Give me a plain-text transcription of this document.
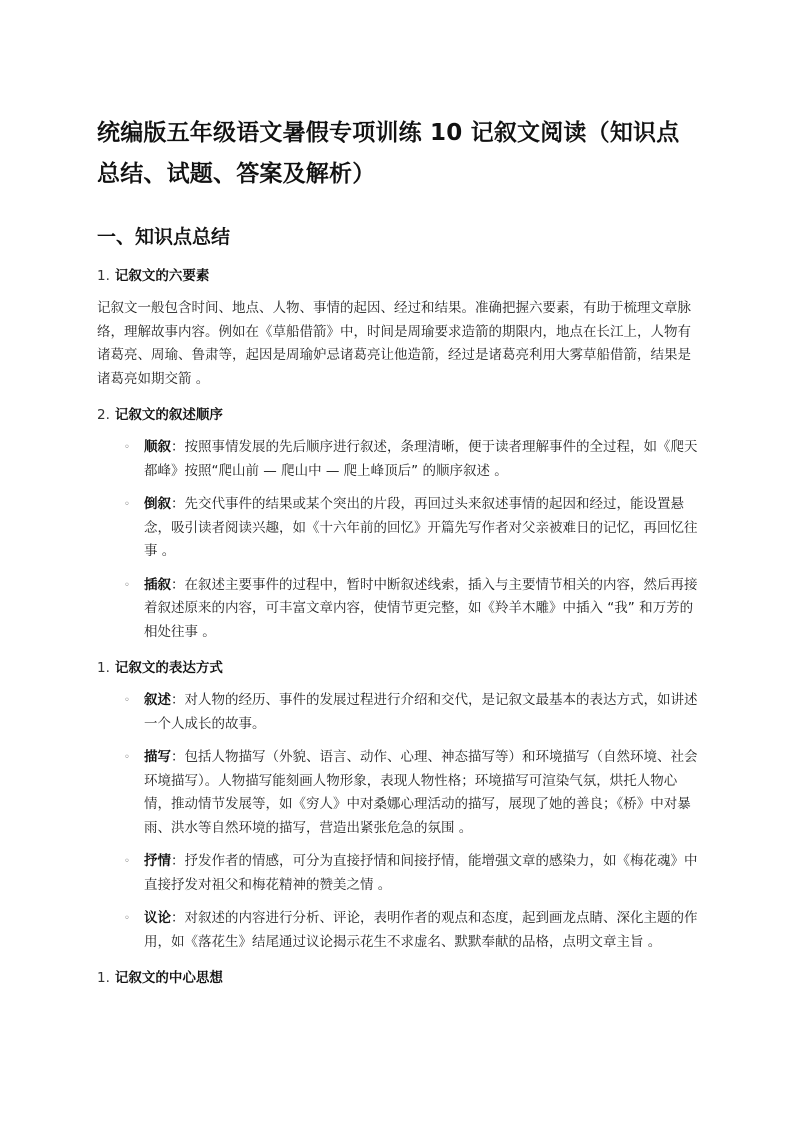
统编版五年级语文暑假专项训练 10 记叙文阅读（知识点总结、试题、答案及解析）
一、知识点总结
1. 记叙文的六要素

记叙文一般包含时间、地点、人物、事情的起因、经过和结果。准确把握六要素，有助于梳理文章脉络，理解故事内容。例如在《草船借箭》中，时间是周瑜要求造箭的期限内，地点在长江上，人物有诸葛亮、周瑜、鲁肃等，起因是周瑜妒忌诸葛亮让他造箭，经过是诸葛亮利用大雾草船借箭，结果是诸葛亮如期交箭 。

2. 记叙文的叙述顺序
◦ 顺叙：按照事情发展的先后顺序进行叙述，条理清晰，便于读者理解事件的全过程，如《爬天都峰》按照“爬山前 — 爬山中 — 爬上峰顶后” 的顺序叙述 。
◦ 倒叙：先交代事件的结果或某个突出的片段，再回过头来叙述事情的起因和经过，能设置悬念，吸引读者阅读兴趣，如《十六年前的回忆》开篇先写作者对父亲被难日的记忆，再回忆往事 。
◦ 插叙：在叙述主要事件的过程中，暂时中断叙述线索，插入与主要情节相关的内容，然后再接着叙述原来的内容，可丰富文章内容，使情节更完整，如《羚羊木雕》中插入 “我” 和万芳的相处往事 。
1. 记叙文的表达方式
◦ 叙述：对人物的经历、事件的发展过程进行介绍和交代，是记叙文最基本的表达方式，如讲述一个人成长的故事。
◦ 描写：包括人物描写（外貌、语言、动作、心理、神态描写等）和环境描写（自然环境、社会环境描写）。人物描写能刻画人物形象，表现人物性格；环境描写可渲染气氛，烘托人物心情，推动情节发展等，如《穷人》中对桑娜心理活动的描写，展现了她的善良；《桥》中对暴雨、洪水等自然环境的描写，营造出紧张危急的氛围 。
◦ 抒情：抒发作者的情感，可分为直接抒情和间接抒情，能增强文章的感染力，如《梅花魂》中直接抒发对祖父和梅花精神的赞美之情 。
◦ 议论：对叙述的内容进行分析、评论，表明作者的观点和态度，起到画龙点睛、深化主题的作用，如《落花生》结尾通过议论揭示花生不求虚名、默默奉献的品格，点明文章主旨 。
1. 记叙文的中心思想
